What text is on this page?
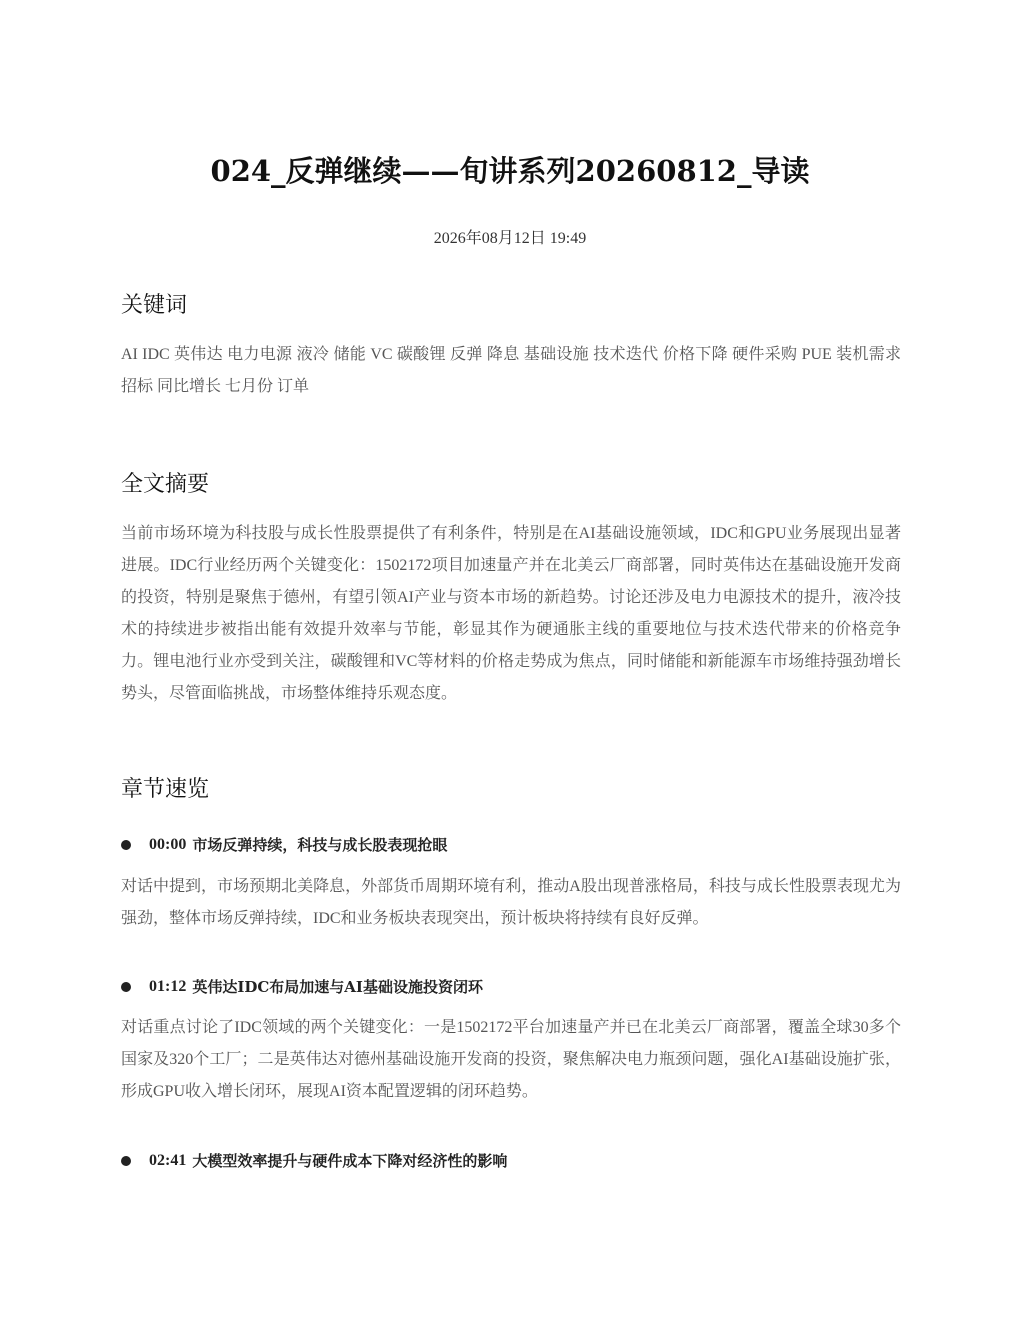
024_反弹继续——旬讲系列20260812_导读
2026年08月12日 19:49
关键词

AI IDC 英伟达 电力电源 液冷 储能 VC 碳酸锂 反弹 降息 基础设施 技术迭代 价格下降 硬件采购 PUE 装机需求 招标 同比增长 七月份 订单

全文摘要

当前市场环境为科技股与成长性股票提供了有利条件，特别是在AI基础设施领域，IDC和GPU业务展现出显著进展。IDC行业经历两个关键变化：1502172项目加速量产并在北美云厂商部署，同时英伟达在基础设施开发商的投资，特别是聚焦于德州，有望引领AI产业与资本市场的新趋势。讨论还涉及电力电源技术的提升，液冷技术的持续进步被指出能有效提升效率与节能，彰显其作为硬通胀主线的重要地位与技术迭代带来的价格竞争力。锂电池行业亦受到关注，碳酸锂和VC等材料的价格走势成为焦点，同时储能和新能源车市场维持强劲增长势头，尽管面临挑战，市场整体维持乐观态度。

章节速览
00:00 市场反弹持续，科技与成长股表现抢眼

对话中提到，市场预期北美降息，外部货币周期环境有利，推动A股出现普涨格局，科技与成长性股票表现尤为强劲，整体市场反弹持续，IDC和业务板块表现突出，预计板块将持续有良好反弹。

01:12 英伟达IDC布局加速与AI基础设施投资闭环

对话重点讨论了IDC领域的两个关键变化：一是1502172平台加速量产并已在北美云厂商部署，覆盖全球30多个国家及320个工厂；二是英伟达对德州基础设施开发商的投资，聚焦解决电力瓶颈问题，强化AI基础设施扩张，形成GPU收入增长闭环，展现AI资本配置逻辑的闭环趋势。

02:41 大模型效率提升与硬件成本下降对经济性的影响
